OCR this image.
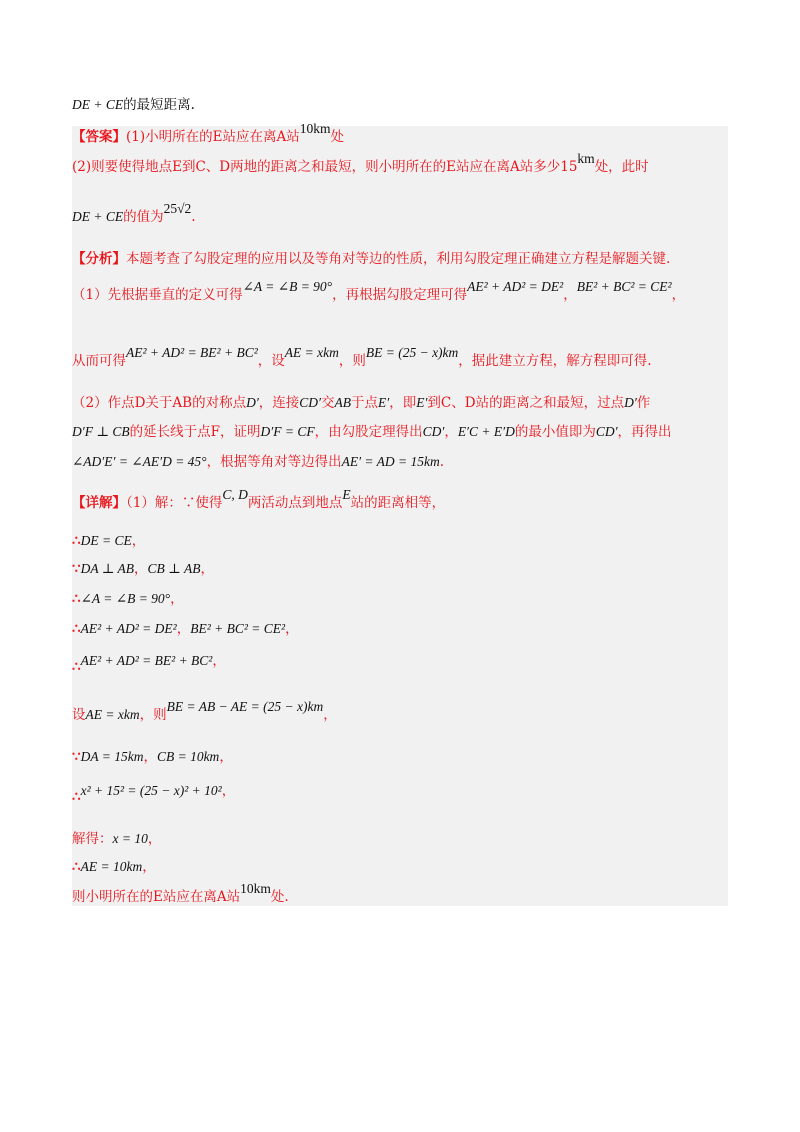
DE + CE的最短距离.
【答案】(1)小明所在的E站应在离A站10km处
(2)则要使得地点E到C、D两地的距离之和最短，则小明所在的E站应在离A站多少15km处，此时
DE + CE的值为25√2.
【分析】本题考查了勾股定理的应用以及等角对等边的性质，利用勾股定理正确建立方程是解题关键.
（1）先根据垂直的定义可得∠A = ∠B = 90°，再根据勾股定理可得AE² + AD² = DE²，BE² + BC² = CE²，
从而可得AE² + AD² = BE² + BC²，设AE = xkm，则BE = (25 − x)km，据此建立方程，解方程即可得.
（2）作点D关于AB的对称点D′，连接CD′交AB于点E′，即E′到C、D站的距离之和最短，过点D′作
D′F ⊥ CB的延长线于点F，证明D′F = CF，由勾股定理得出CD′，E′C + E′D的最小值即为CD′，再得出
∠AD′E′ = ∠AE′D = 45°，根据等角对等边得出AE′ = AD = 15km.
【详解】（1）解：∵使得C, D两活动点到地点E站的距离相等，
∴DE = CE，
∵DA ⊥ AB，CB ⊥ AB，
∴∠A = ∠B = 90°，
∴AE² + AD² = DE²，BE² + BC² = CE²，
∴AE² + AD² = BE² + BC²，
设AE = xkm，则BE = AB − AE = (25 − x)km，
∵DA = 15km，CB = 10km，
∴x² + 15² = (25 − x)² + 10²，
解得：x = 10，
∴AE = 10km，
则小明所在的E站应在离A站10km处.
